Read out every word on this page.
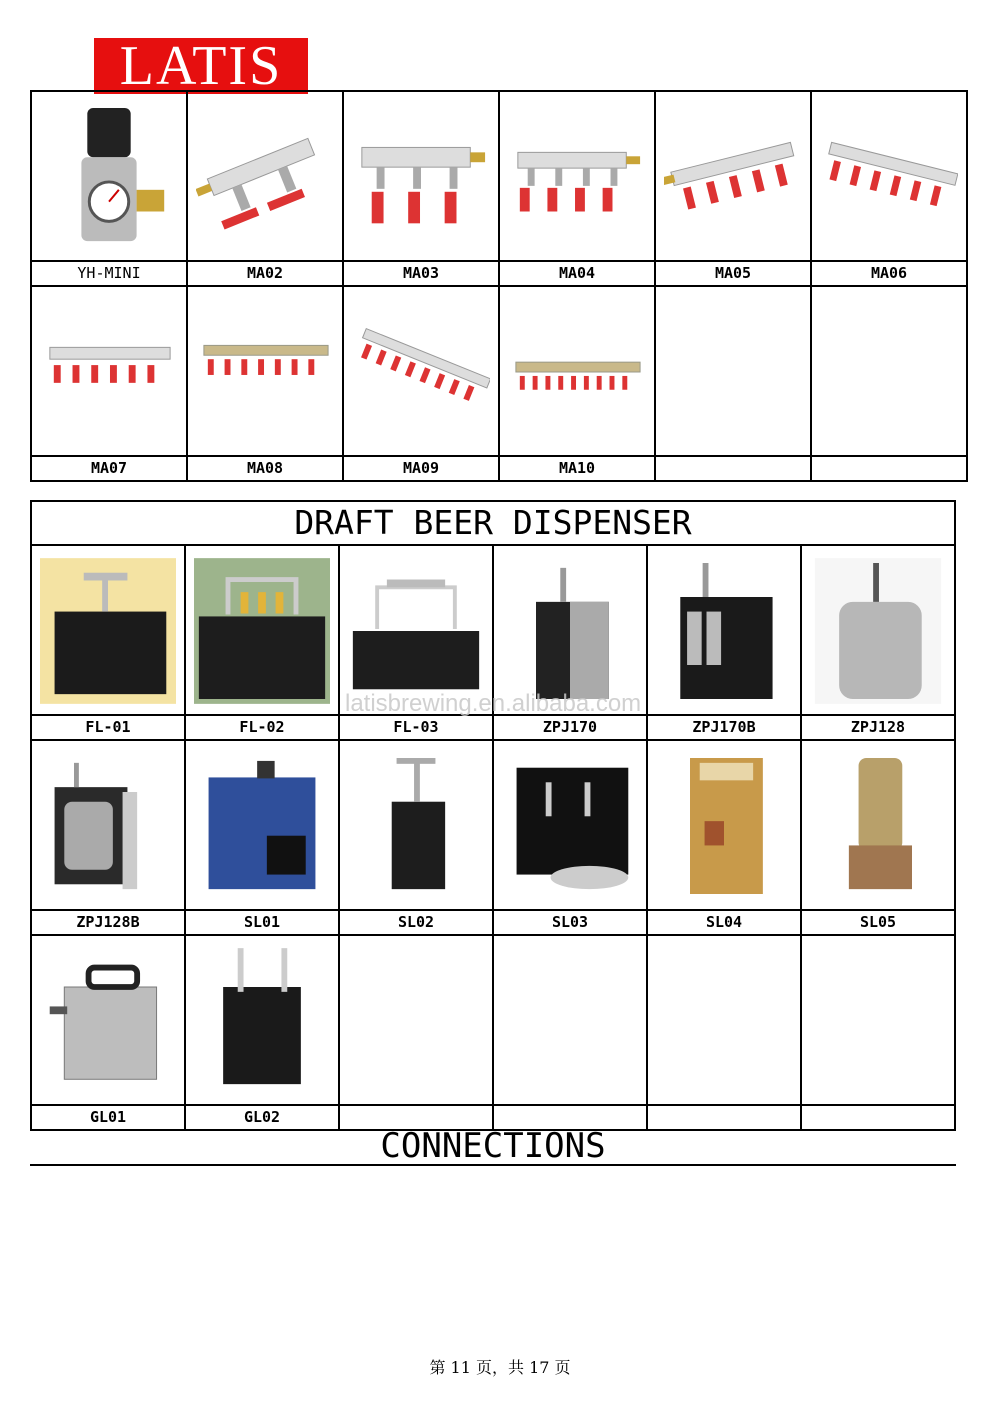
LATIS

YH-MINI	MA02	MA03	MA04	MA05	MA06

MA07	MA08	MA09	MA10		
DRAFT BEER DISPENSER					

FL-01	FL-02	FL-03	ZPJ170	ZPJ170B	ZPJ128

ZPJ128B	SL01	SL02	SL03	SL04	SL05

GL01	GL02				
latisbrewing.en.alibaba.com
CONNECTIONS
第 11 页，共 17 页
